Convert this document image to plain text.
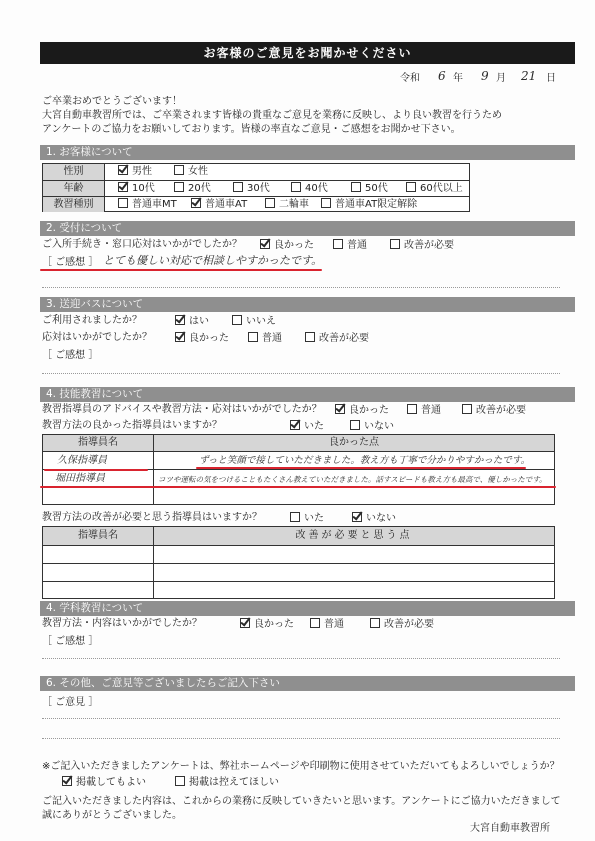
お客様のご意見をお聞かせください
令和 6 年 9 月 21 日
ご卒業おめでとうございます！
大宮自動車教習所では、ご卒業されます皆様の貴重なご意見を業務に反映し、より良い教習を行うため
アンケートのご協力をお願いしております。皆様の率直なご意見・ご感想をお聞かせ下さい。
1. お客様について
性別	男性	女性
年齢	10代	20代	30代	40代	50代	60代以上
教習種別	普通車MT	普通車AT	二輪車	普通車AT限定解除
2. 受付について
ご入所手続き・窓口応対はいかがでしたか？	良かった	普通	改善が必要
［ ご感想 ］ とても優しい対応で相談しやすかったです。
3. 送迎バスについて
ご利用されましたか？	はい	いいえ
応対はいかがでしたか？	良かった	普通	改善が必要
［ ご感想 ］
4. 技能教習について
教習指導員のアドバイスや教習方法・応対はいかがでしたか？	良かった	普通	改善が必要
教習方法の良かった指導員はいますか？	いた	いない
指導員名	良かった点
久保指導員	ずっと笑顔で接していただきました。教え方も丁寧で分かりやすかったです。
堀田指導員	コツや運転の気をつけることもたくさん教えていただきました。話すスピードも教え方も最高で、優しかったです。
教習方法の改善が必要と思う指導員はいますか？	いた	いない
指導員名	改善が必要と思う点
4. 学科教習について
教習方法・内容はいかがでしたか？	良かった	普通	改善が必要
［ ご感想 ］
6. その他、ご意見等ございましたらご記入下さい
［ ご意見 ］
※ご記入いただきましたアンケートは、弊社ホームページや印刷物に使用させていただいてもよろしいでしょうか？
掲載してもよい	掲載は控えてほしい
ご記入いただきました内容は、これからの業務に反映していきたいと思います。アンケートにご協力いただきまして
誠にありがとうございました。
大宮自動車教習所
